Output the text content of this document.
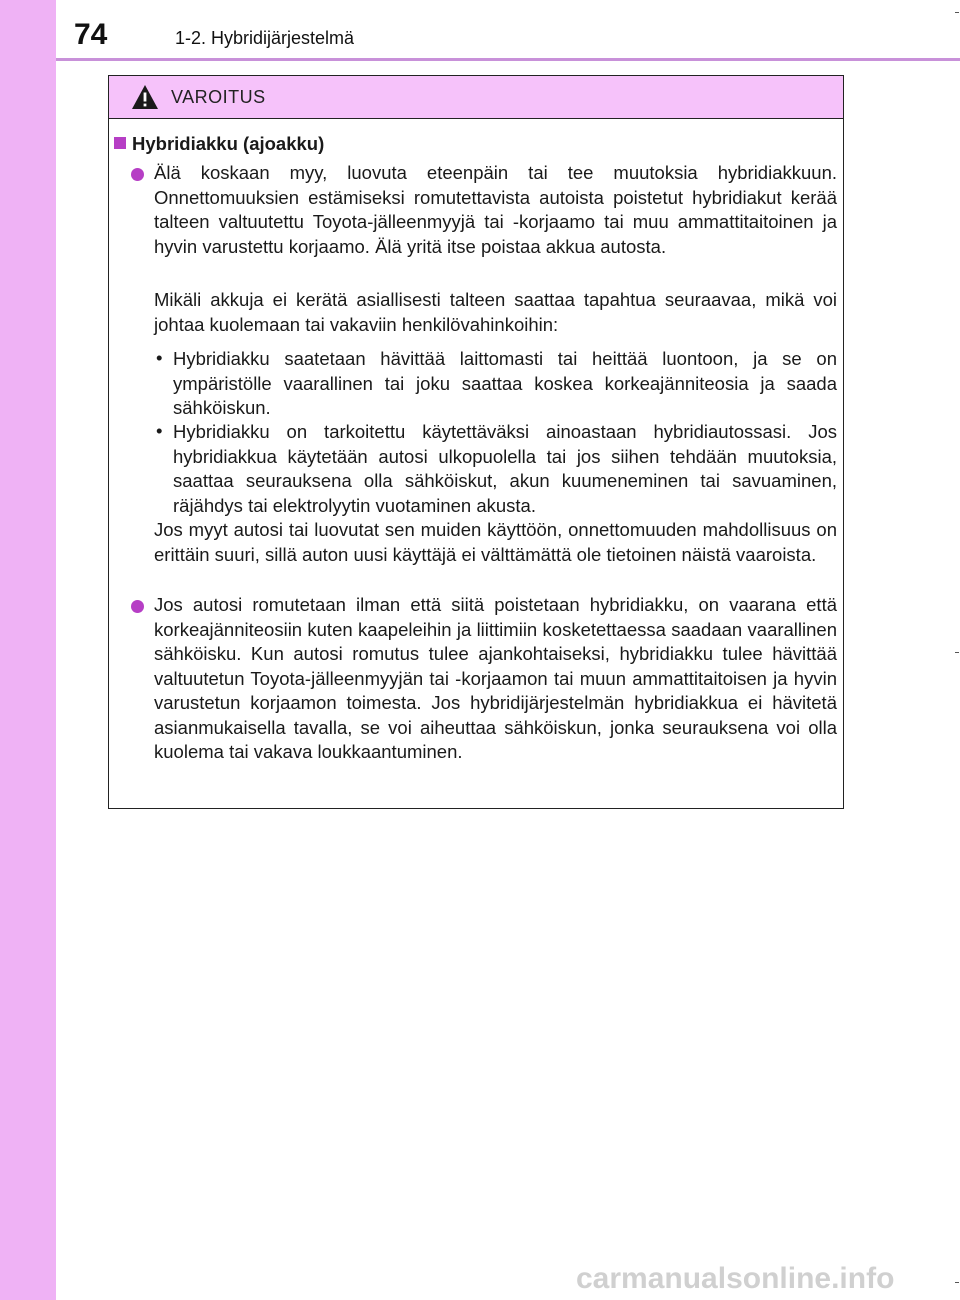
74	1-2. Hybridijärjestelmä
VAROITUS
Hybridiakku (ajoakku)
Älä koskaan myy, luovuta eteenpäin tai tee muutoksia hybridiakkuun. Onnettomuuksien estämiseksi romutettavista autoista poistetut hybridiakut kerää talteen valtuutettu Toyota-jälleenmyyjä tai -korjaamo tai muu ammattitaitoinen ja hyvin varustettu korjaamo. Älä yritä itse poistaa akkua autosta.
Mikäli akkuja ei kerätä asiallisesti talteen saattaa tapahtua seuraavaa, mikä voi johtaa kuolemaan tai vakaviin henkilövahinkoihin:
• Hybridiakku saatetaan hävittää laittomasti tai heittää luontoon, ja se on ympäristölle vaarallinen tai joku saattaa koskea korkeajänniteosia ja saada sähköiskun.
• Hybridiakku on tarkoitettu käytettäväksi ainoastaan hybridiautossasi. Jos hybridiakkua käytetään autosi ulkopuolella tai jos siihen tehdään muutoksia, saattaa seurauksena olla sähköiskut, akun kuumeneminen tai savuaminen, räjähdys tai elektrolyytin vuotaminen akusta.
Jos myyt autosi tai luovutat sen muiden käyttöön, onnettomuuden mahdollisuus on erittäin suuri, sillä auton uusi käyttäjä ei välttämättä ole tietoinen näistä vaaroista.
Jos autosi romutetaan ilman että siitä poistetaan hybridiakku, on vaarana että korkeajänniteosiin kuten kaapeleihin ja liittimiin kosketettaessa saadaan vaarallinen sähköisku. Kun autosi romutus tulee ajankohtaiseksi, hybridiakku tulee hävittää valtuutetun Toyota-jälleenmyyjän tai -korjaamon tai muun ammattitaitoisen ja hyvin varustetun korjaamon toimesta. Jos hybridijärjestelmän hybridiakkua ei hävitetä asianmukaisella tavalla, se voi aiheuttaa sähköiskun, jonka seurauksena voi olla kuolema tai vakava loukkaantuminen.
carmanualsonline.info
